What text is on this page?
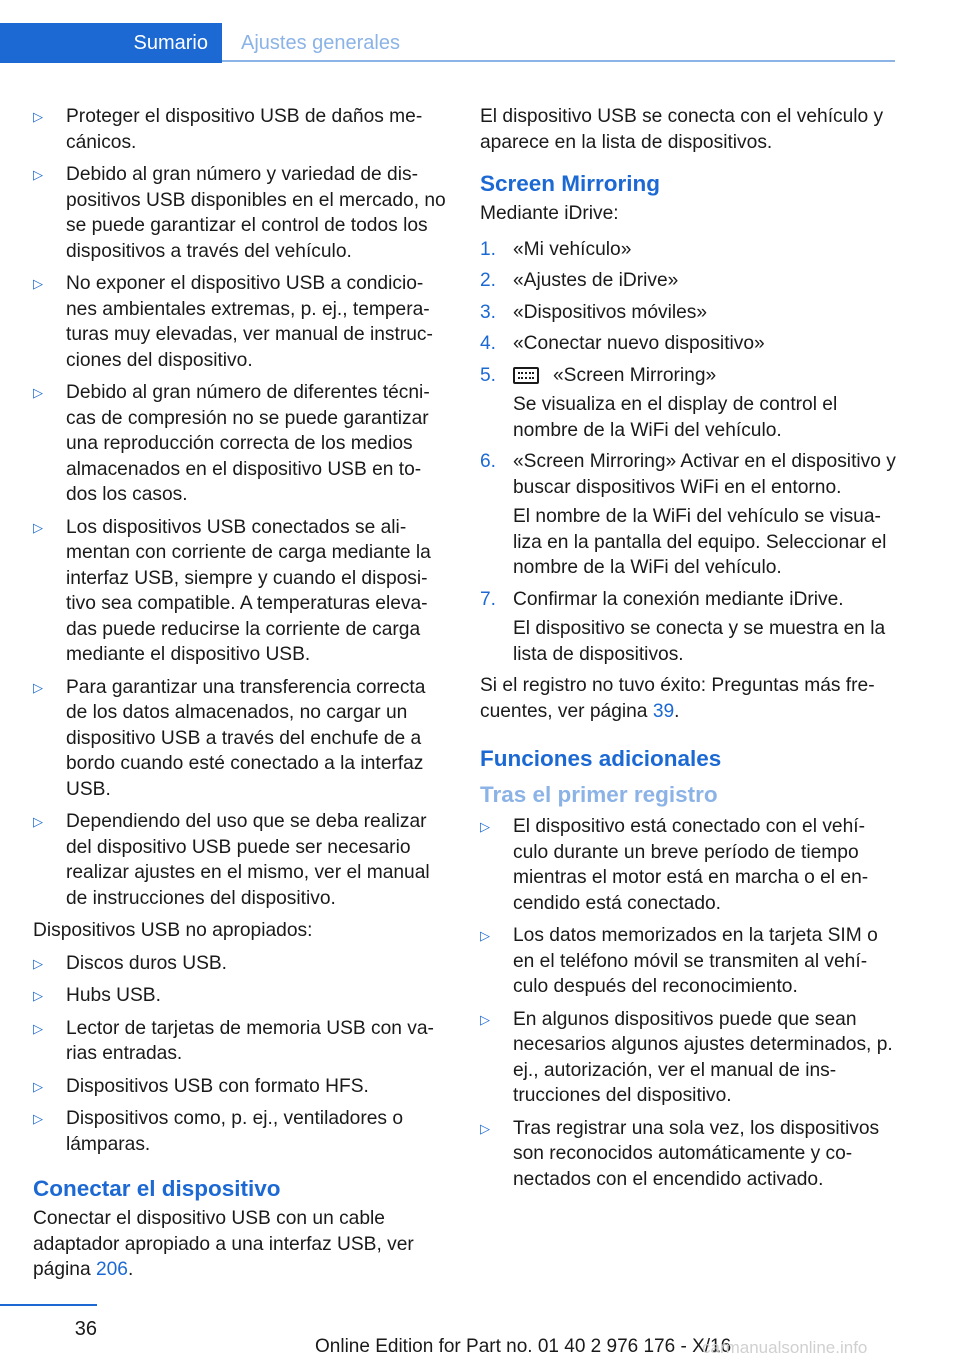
Sumario	Ajustes generales
▷	Proteger el dispositivo USB de daños me‐ cánicos.
▷	Debido al gran número y variedad de dis‐ positivos USB disponibles en el mercado, no se puede garantizar el control de todos los dispositivos a través del vehículo.
▷	No exponer el dispositivo USB a condicio‐ nes ambientales extremas, p. ej., tempera‐ turas muy elevadas, ver manual de instruc‐ ciones del dispositivo.
▷	Debido al gran número de diferentes técni‐ cas de compresión no se puede garantizar una reproducción correcta de los medios almacenados en el dispositivo USB en to‐ dos los casos.
▷	Los dispositivos USB conectados se ali‐ mentan con corriente de carga mediante la interfaz USB, siempre y cuando el disposi‐ tivo sea compatible. A temperaturas eleva‐ das puede reducirse la corriente de carga mediante el dispositivo USB.
▷	Para garantizar una transferencia correcta de los datos almacenados, no cargar un dispositivo USB a través del enchufe de a bordo cuando esté conectado a la interfaz USB.
▷	Dependiendo del uso que se deba realizar del dispositivo USB puede ser necesario realizar ajustes en el mismo, ver el manual de instrucciones del dispositivo.

Dispositivos USB no apropiados:

▷	Discos duros USB.
▷	Hubs USB.
▷	Lector de tarjetas de memoria USB con va‐ rias entradas.
▷	Dispositivos USB con formato HFS.
▷	Dispositivos como, p. ej., ventiladores o lámparas.
Conectar el dispositivo

Conectar el dispositivo USB con un cable adaptador apropiado a una interfaz USB, ver página 206.

El dispositivo USB se conecta con el vehículo y aparece en la lista de dispositivos.

Screen Mirroring

Mediante iDrive:

1. «Mi vehículo»
2. «Ajustes de iDrive»
3. «Dispositivos móviles»
4. «Conectar nuevo dispositivo»
5.	«Screen Mirroring»
Se visualiza en el display de control el nombre de la WiFi del vehículo.
6. «Screen Mirroring» Activar en el dispositivo y buscar dispositivos WiFi en el entorno.
El nombre de la WiFi del vehículo se visua‐ liza en la pantalla del equipo. Seleccionar el nombre de la WiFi del vehículo.
7. Confirmar la conexión mediante iDrive.
El dispositivo se conecta y se muestra en la lista de dispositivos.

Si el registro no tuvo éxito: Preguntas más fre‐ cuentes, ver página 39.

Funciones adicionales
Tras el primer registro
▷	El dispositivo está conectado con el vehí‐ culo durante un breve período de tiempo mientras el motor está en marcha o el en‐ cendido está conectado.
▷	Los datos memorizados en la tarjeta SIM o en el teléfono móvil se transmiten al vehí‐ culo después del reconocimiento.
▷	En algunos dispositivos puede que sean necesarios algunos ajustes determinados, p. ej., autorización, ver el manual de ins‐ trucciones del dispositivo.
▷	Tras registrar una sola vez, los dispositivos son reconocidos automáticamente y co‐ nectados con el encendido activado.
36
Online Edition for Part no. 01 40 2 976 176 - X/16
carmanualsonline.info
